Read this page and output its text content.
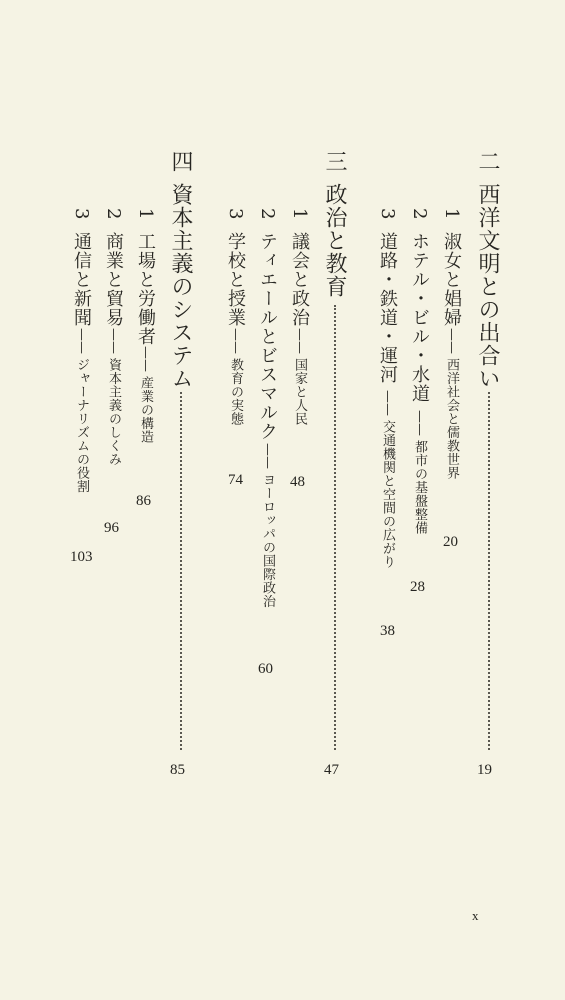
二
西洋文明との出合い
19
1
淑女と娼婦
——
西洋社会と儒教世界
20
2
ホテル・ビル・水道
——
都市の基盤整備
28
3
道路・鉄道・運河
——
交通機関と空間の広がり
38
三
政治と教育
47
1
議会と政治
——
国家と人民
48
2
ティエールとビスマルク
——
ヨーロッパの国際政治
60
3
学校と授業
——
教育の実態
74
四
資本主義のシステム
85
1
工場と労働者
——
産業の構造
86
2
商業と貿易
——
資本主義のしくみ
96
3
通信と新聞
——
ジャーナリズムの役割
103
x
